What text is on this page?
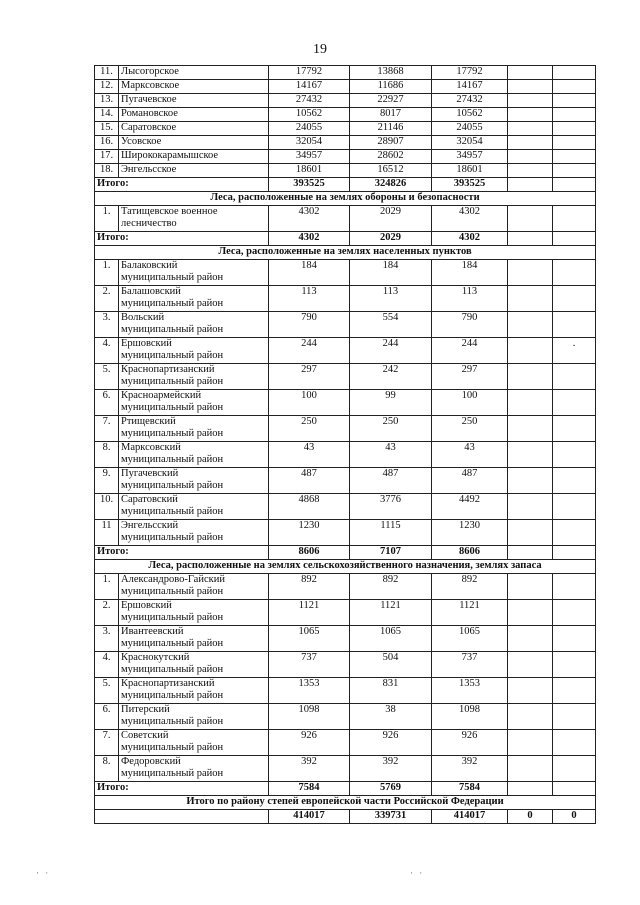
19
11.	Лысогорское	17792	13868	17792		
12.	Марксовское	14167	11686	14167		
13.	Пугачевское	27432	22927	27432		
14.	Романовское	10562	8017	10562		
15.	Саратовское	24055	21146	24055		
16.	Усовское	32054	28907	32054		
17.	Ширококарамышское	34957	28602	34957		
18.	Энгельсское	18601	16512	18601		
Итого:		393525	324826	393525		
Леса, расположенные на землях обороны и безопасности						
1.	Татищевское военное
лесничество	4302	2029	4302		
Итого:		4302	2029	4302		
Леса, расположенные на землях населенных пунктов						
1.	Балаковский
муниципальный район	184	184	184		
2.	Балашовский
муниципальный район	113	113	113		
3.	Вольский
муниципальный район	790	554	790		
4.	Ершовский
муниципальный район	244	244	244		.
5.	Краснопартизанский
муниципальный район	297	242	297		
6.	Красноармейский
муниципальный район	100	99	100		
7.	Ртищевский
муниципальный район	250	250	250		
8.	Марксовский
муниципальный район	43	43	43		
9.	Пугачевский
муниципальный район	487	487	487		
10.	Саратовский
муниципальный район	4868	3776	4492		
11	Энгельсский
муниципальный район	1230	1115	1230		
Итого:		8606	7107	8606		
Леса, расположенные на землях сельскохозяйственного назначения, землях запаса						
1.	Александрово-Гайский
муниципальный район	892	892	892		
2.	Ершовский
муниципальный район	1121	1121	1121		
3.	Ивантеевский
муниципальный район	1065	1065	1065		
4.	Краснокутский
муниципальный район	737	504	737		
5.	Краснопартизанский
муниципальный район	1353	831	1353		
6.	Питерский
муниципальный район	1098	38	1098		
7.	Советский
муниципальный район	926	926	926		
8.	Федоровский
муниципальный район	392	392	392		
Итого:		7584	5769	7584		
Итого по району степей европейской части Российской Федерации						
		414017	339731	414017	0	0
· ·	· ·
